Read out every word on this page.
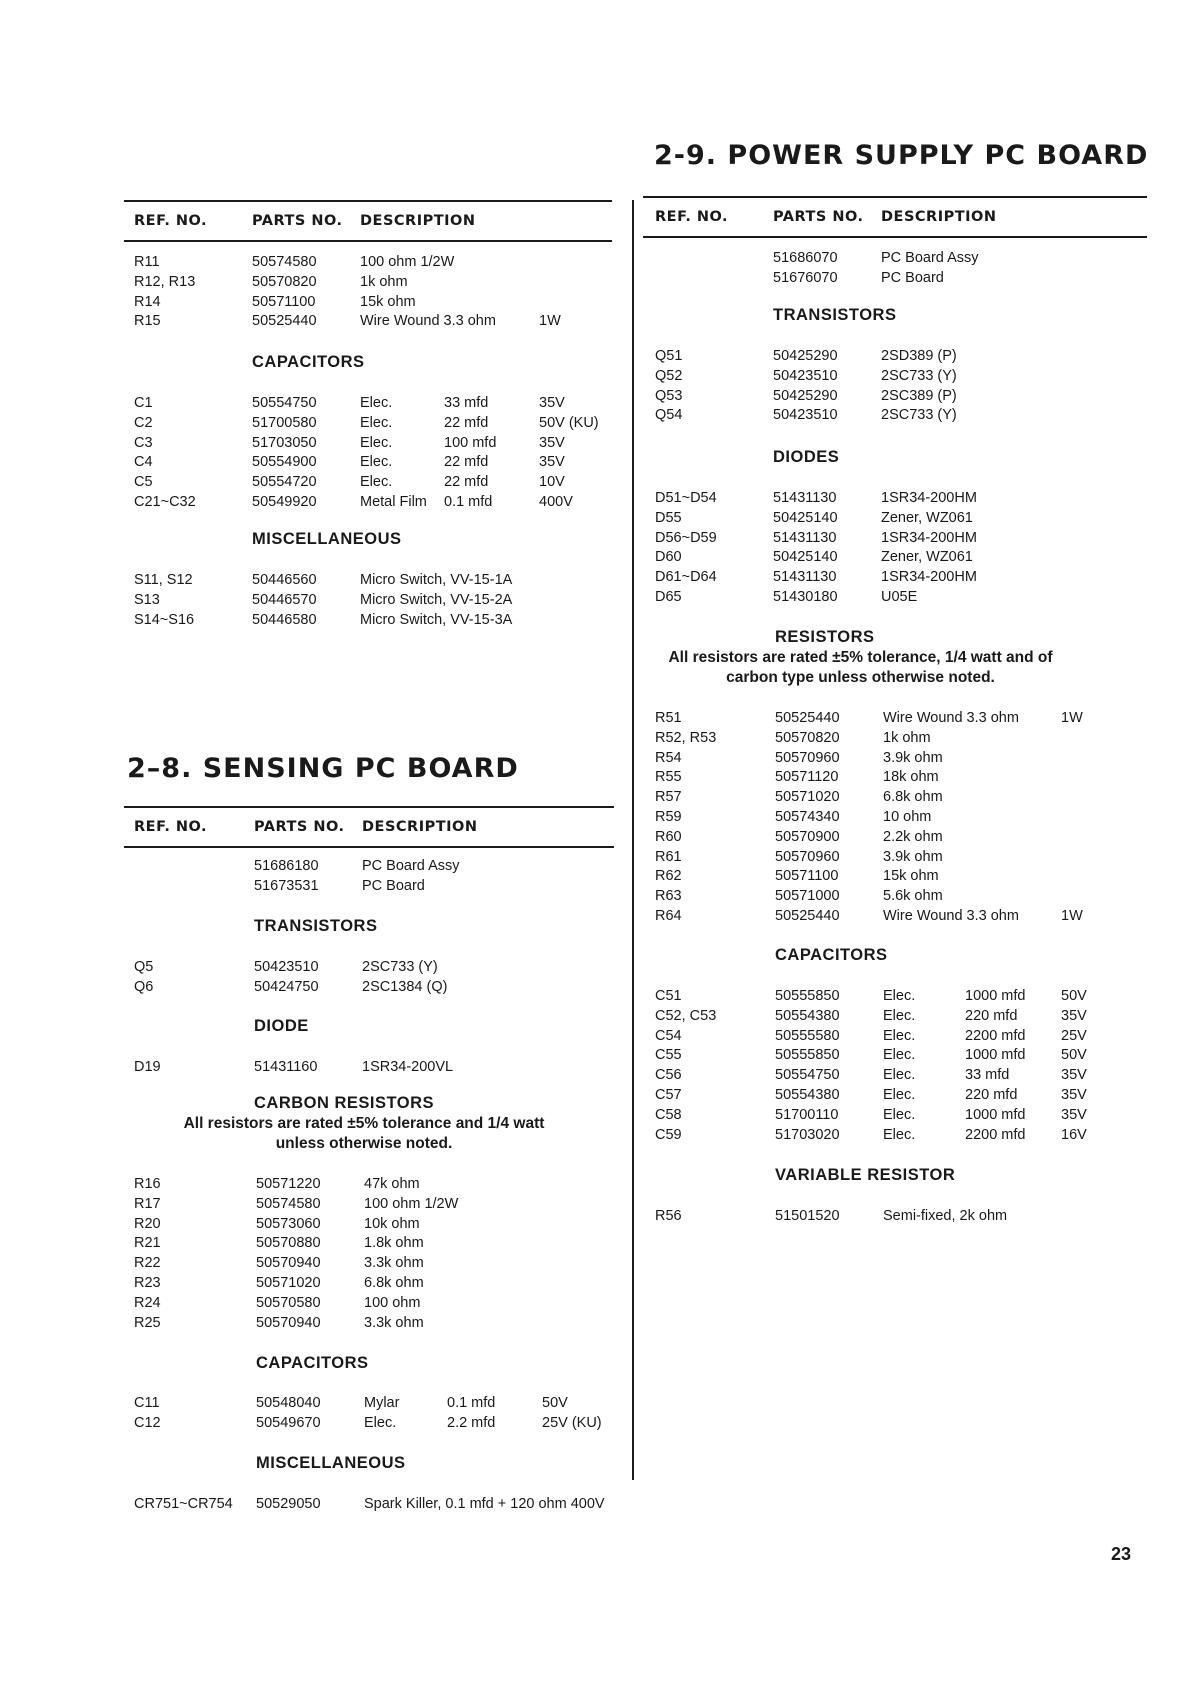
2-9. POWER SUPPLY PC BOARD
REF. NO.	PARTS NO. DESCRIPTION
R11	50574580	100 ohm 1/2W
R12, R13	50570820	1k ohm
R14	50571100	15k ohm
R15	50525440	Wire Wound 3.3 ohm	1W
CAPACITORS
C1	50554750	Elec.	33 mfd	35V
C2	51700580	Elec.	22 mfd	50V (KU)
C3	51703050	Elec.	100 mfd	35V
C4	50554900	Elec.	22 mfd	35V
C5	50554720	Elec.	22 mfd	10V
C21~C32	50549920	Metal Film 0.1 mfd	400V
MISCELLANEOUS
S11, S12	50446560	Micro Switch, VV-15-1A
S13	50446570	Micro Switch, VV-15-2A
S14~S16	50446580	Micro Switch, VV-15-3A
2–8. SENSING PC BOARD
REF. NO.	PARTS NO. DESCRIPTION
51686180	PC Board Assy
51673531	PC Board
TRANSISTORS
Q5	50423510	2SC733 (Y)
Q6	50424750	2SC1384 (Q)
DIODE
D19	51431160	1SR34-200VL
CARBON RESISTORS
All resistors are rated ±5% tolerance and 1/4 watt
unless otherwise noted.
R16	50571220	47k ohm
R17	50574580	100 ohm 1/2W
R20	50573060	10k ohm
R21	50570880	1.8k ohm
R22	50570940	3.3k ohm
R23	50571020	6.8k ohm
R24	50570580	100 ohm
R25	50570940	3.3k ohm
CAPACITORS
C11	50548040	Mylar	0.1 mfd	50V
C12	50549670	Elec.	2.2 mfd	25V (KU)
MISCELLANEOUS
CR751~CR754 50529050	Spark Killer, 0.1 mfd + 120 ohm 400V
REF. NO.	PARTS NO. DESCRIPTION
51686070	PC Board Assy
51676070	PC Board
TRANSISTORS
Q51	50425290	2SD389 (P)
Q52	50423510	2SC733 (Y)
Q53	50425290	2SC389 (P)
Q54	50423510	2SC733 (Y)
DIODES
D51~D54	51431130	1SR34-200HM
D55	50425140	Zener, WZ061
D56~D59	51431130	1SR34-200HM
D60	50425140	Zener, WZ061
D61~D64	51431130	1SR34-200HM
D65	51430180	U05E
RESISTORS
All resistors are rated ±5% tolerance, 1/4 watt and of
carbon type unless otherwise noted.
R51	50525440	Wire Wound 3.3 ohm	1W
R52, R53	50570820	1k ohm
R54	50570960	3.9k ohm
R55	50571120	18k ohm
R57	50571020	6.8k ohm
R59	50574340	10 ohm
R60	50570900	2.2k ohm
R61	50570960	3.9k ohm
R62	50571100	15k ohm
R63	50571000	5.6k ohm
R64	50525440	Wire Wound 3.3 ohm	1W
CAPACITORS
C51	50555850	Elec.	1000 mfd 50V
C52, C53	50554380	Elec.	220 mfd	35V
C54	50555580	Elec.	2200 mfd 25V
C55	50555850	Elec.	1000 mfd 50V
C56	50554750	Elec.	33 mfd	35V
C57	50554380	Elec.	220 mfd	35V
C58	51700110	Elec.	1000 mfd 35V
C59	51703020	Elec.	2200 mfd 16V
VARIABLE RESISTOR
R56	51501520	Semi-fixed, 2k ohm
23
